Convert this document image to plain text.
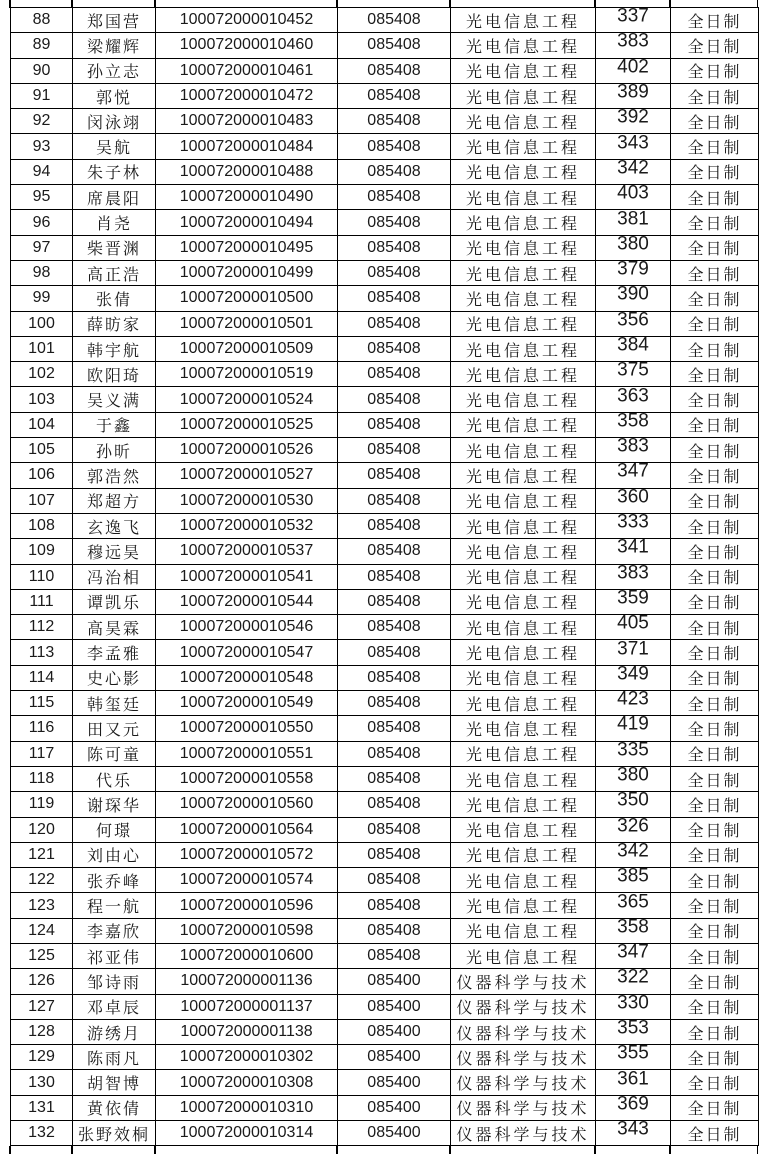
88	郑国营	100072000010452	085408	光电信息工程	337	全日制
89	梁耀辉	100072000010460	085408	光电信息工程	383	全日制
90	孙立志	100072000010461	085408	光电信息工程	402	全日制
91	郭悦	100072000010472	085408	光电信息工程	389	全日制
92	闵泳翊	100072000010483	085408	光电信息工程	392	全日制
93	吴航	100072000010484	085408	光电信息工程	343	全日制
94	朱子林	100072000010488	085408	光电信息工程	342	全日制
95	席晨阳	100072000010490	085408	光电信息工程	403	全日制
96	肖尧	100072000010494	085408	光电信息工程	381	全日制
97	柴晋渊	100072000010495	085408	光电信息工程	380	全日制
98	高正浩	100072000010499	085408	光电信息工程	379	全日制
99	张倩	100072000010500	085408	光电信息工程	390	全日制
100	薛昉家	100072000010501	085408	光电信息工程	356	全日制
101	韩宇航	100072000010509	085408	光电信息工程	384	全日制
102	欧阳琦	100072000010519	085408	光电信息工程	375	全日制
103	吴义满	100072000010524	085408	光电信息工程	363	全日制
104	于鑫	100072000010525	085408	光电信息工程	358	全日制
105	孙昕	100072000010526	085408	光电信息工程	383	全日制
106	郭浩然	100072000010527	085408	光电信息工程	347	全日制
107	郑超方	100072000010530	085408	光电信息工程	360	全日制
108	玄逸飞	100072000010532	085408	光电信息工程	333	全日制
109	穆远昊	100072000010537	085408	光电信息工程	341	全日制
110	冯治相	100072000010541	085408	光电信息工程	383	全日制
111	谭凯乐	100072000010544	085408	光电信息工程	359	全日制
112	高昊霖	100072000010546	085408	光电信息工程	405	全日制
113	李孟雅	100072000010547	085408	光电信息工程	371	全日制
114	史心影	100072000010548	085408	光电信息工程	349	全日制
115	韩玺廷	100072000010549	085408	光电信息工程	423	全日制
116	田又元	100072000010550	085408	光电信息工程	419	全日制
117	陈可童	100072000010551	085408	光电信息工程	335	全日制
118	代乐	100072000010558	085408	光电信息工程	380	全日制
119	谢琛华	100072000010560	085408	光电信息工程	350	全日制
120	何璟	100072000010564	085408	光电信息工程	326	全日制
121	刘由心	100072000010572	085408	光电信息工程	342	全日制
122	张乔峰	100072000010574	085408	光电信息工程	385	全日制
123	程一航	100072000010596	085408	光电信息工程	365	全日制
124	李嘉欣	100072000010598	085408	光电信息工程	358	全日制
125	祁亚伟	100072000010600	085408	光电信息工程	347	全日制
126	邹诗雨	100072000001136	085400	仪器科学与技术	322	全日制
127	邓卓辰	100072000001137	085400	仪器科学与技术	330	全日制
128	游绣月	100072000001138	085400	仪器科学与技术	353	全日制
129	陈雨凡	100072000010302	085400	仪器科学与技术	355	全日制
130	胡智博	100072000010308	085400	仪器科学与技术	361	全日制
131	黄依倩	100072000010310	085400	仪器科学与技术	369	全日制
132	张野效桐	100072000010314	085400	仪器科学与技术	343	全日制
